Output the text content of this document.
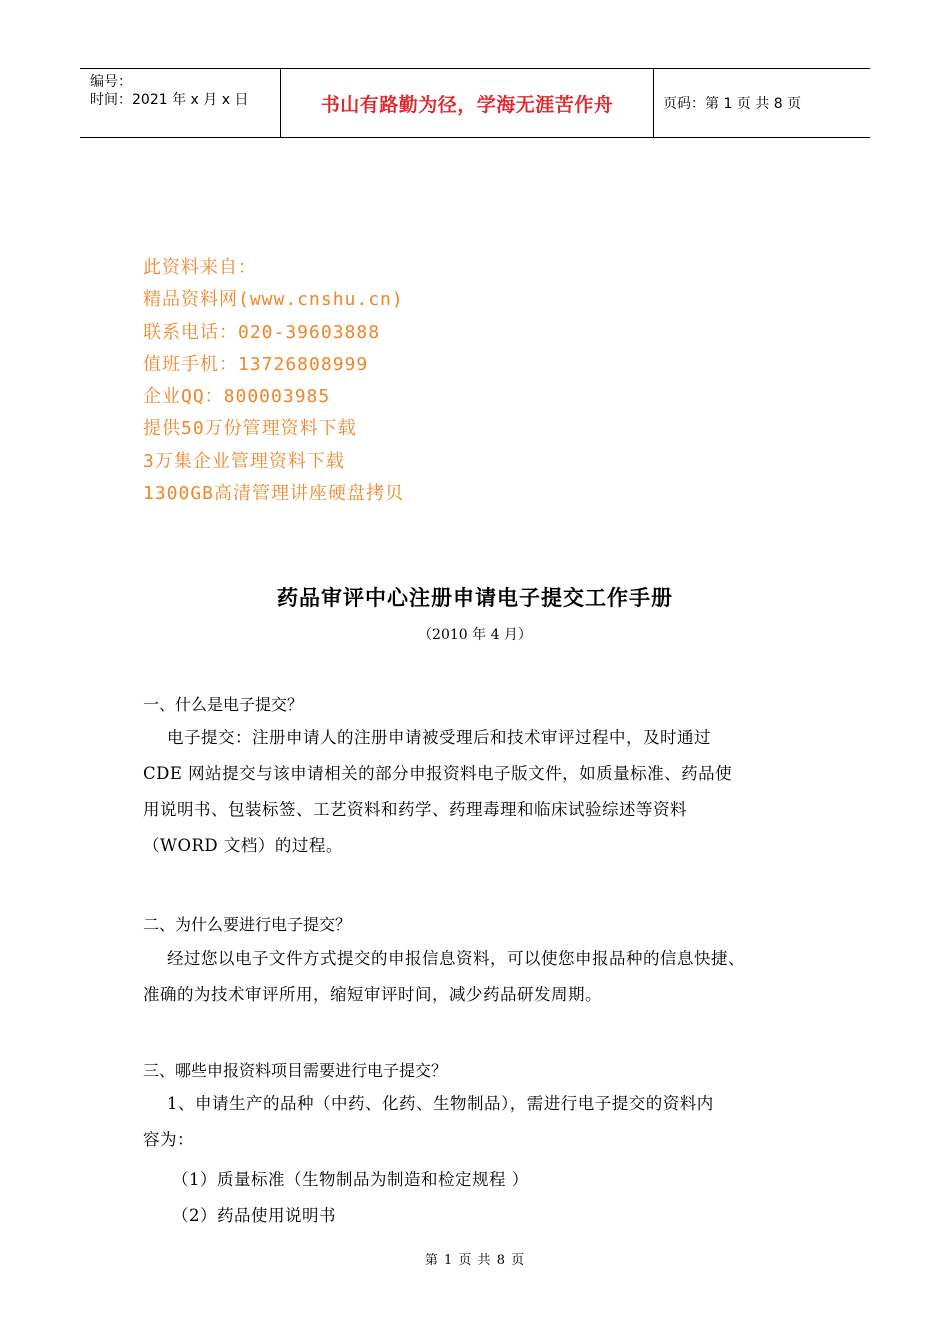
编号：
时间：2021 年 x 月 x 日	书山有路勤为径，学海无涯苦作舟	页码：第 1 页 共 8 页
此资料来自：
精品资料网(www.cnshu.cn)
联系电话：020-39603888
值班手机：13726808999
企业QQ：800003985
提供50万份管理资料下载
3万集企业管理资料下载
1300GB高清管理讲座硬盘拷贝
药品审评中心注册申请电子提交工作手册
（2010 年 4 月）
一、什么是电子提交？
电子提交：注册申请人的注册申请被受理后和技术审评过程中，及时通过
CDE 网站提交与该申请相关的部分申报资料电子版文件，如质量标准、药品使
用说明书、包装标签、工艺资料和药学、药理毒理和临床试验综述等资料
（WORD 文档）的过程。
二、为什么要进行电子提交？
经过您以电子文件方式提交的申报信息资料，可以使您申报品种的信息快捷、
准确的为技术审评所用，缩短审评时间，减少药品研发周期。
三、哪些申报资料项目需要进行电子提交？
1、申请生产的品种（中药、化药、生物制品），需进行电子提交的资料内
容为：
（1）质量标准（生物制品为制造和检定规程 ）
（2）药品使用说明书
第 1 页 共 8 页
